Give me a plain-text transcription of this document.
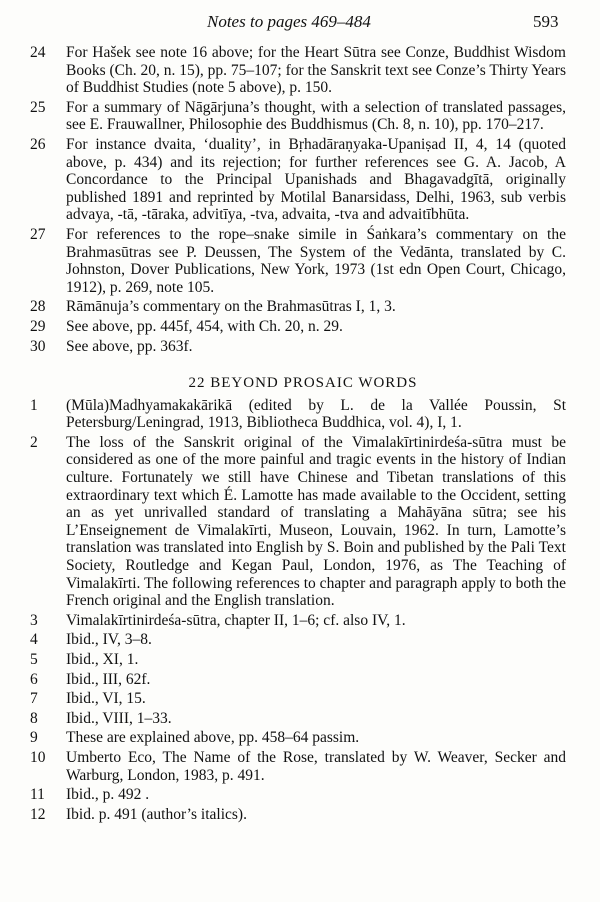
Notes to pages 469–484	593
24	For Hašek see note 16 above; for the Heart Sūtra see Conze, Buddhist Wisdom Books (Ch. 20, n. 15), pp. 75–107; for the Sanskrit text see Conze’s Thirty Years of Buddhist Studies (note 5 above), p. 150.
25	For a summary of Nāgārjuna’s thought, with a selection of translated passages, see E. Frauwallner, Philosophie des Buddhismus (Ch. 8, n. 10), pp. 170–217.
26	For instance dvaita, ‘duality’, in Bṛhadāraṇyaka-Upaniṣad II, 4, 14 (quoted above, p. 434) and its rejection; for further references see G. A. Jacob, A Concordance to the Principal Upanishads and Bhagavadgītā, originally published 1891 and reprinted by Motilal Banarsidass, Delhi, 1963, sub verbis advaya, -tā, -tāraka, advitīya, -tva, advaita, -tva and advaitībhūta.
27	For references to the rope–snake simile in Śaṅkara’s commentary on the Brahmasūtras see P. Deussen, The System of the Vedānta, translated by C. Johnston, Dover Publications, New York, 1973 (1st edn Open Court, Chicago, 1912), p. 269, note 105.
28	Rāmānuja’s commentary on the Brahmasūtras I, 1, 3.
29	See above, pp. 445f, 454, with Ch. 20, n. 29.
30	See above, pp. 363f.
22 BEYOND PROSAIC WORDS
1	(Mūla)Madhyamakakārikā (edited by L. de la Vallée Poussin, St Petersburg/Leningrad, 1913, Bibliotheca Buddhica, vol. 4), I, 1.
2	The loss of the Sanskrit original of the Vimalakīrtinirdeśa-sūtra must be considered as one of the more painful and tragic events in the history of Indian culture. Fortunately we still have Chinese and Tibetan translations of this extraordinary text which É. Lamotte has made available to the Occident, setting an as yet unrivalled standard of translating a Mahāyāna sūtra; see his L’Enseignement de Vimalakīrti, Museon, Louvain, 1962. In turn, Lamotte’s translation was translated into English by S. Boin and published by the Pali Text Society, Routledge and Kegan Paul, London, 1976, as The Teaching of Vimalakīrti. The following references to chapter and paragraph apply to both the French original and the English translation.
3	Vimalakīrtinirdeśa-sūtra, chapter II, 1–6; cf. also IV, 1.
4	Ibid., IV, 3–8.
5	Ibid., XI, 1.
6	Ibid., III, 62f.
7	Ibid., VI, 15.
8	Ibid., VIII, 1–33.
9	These are explained above, pp. 458–64 passim.
10	Umberto Eco, The Name of the Rose, translated by W. Weaver, Secker and Warburg, London, 1983, p. 491.
11	Ibid., p. 492 .
12	Ibid. p. 491 (author’s italics).
